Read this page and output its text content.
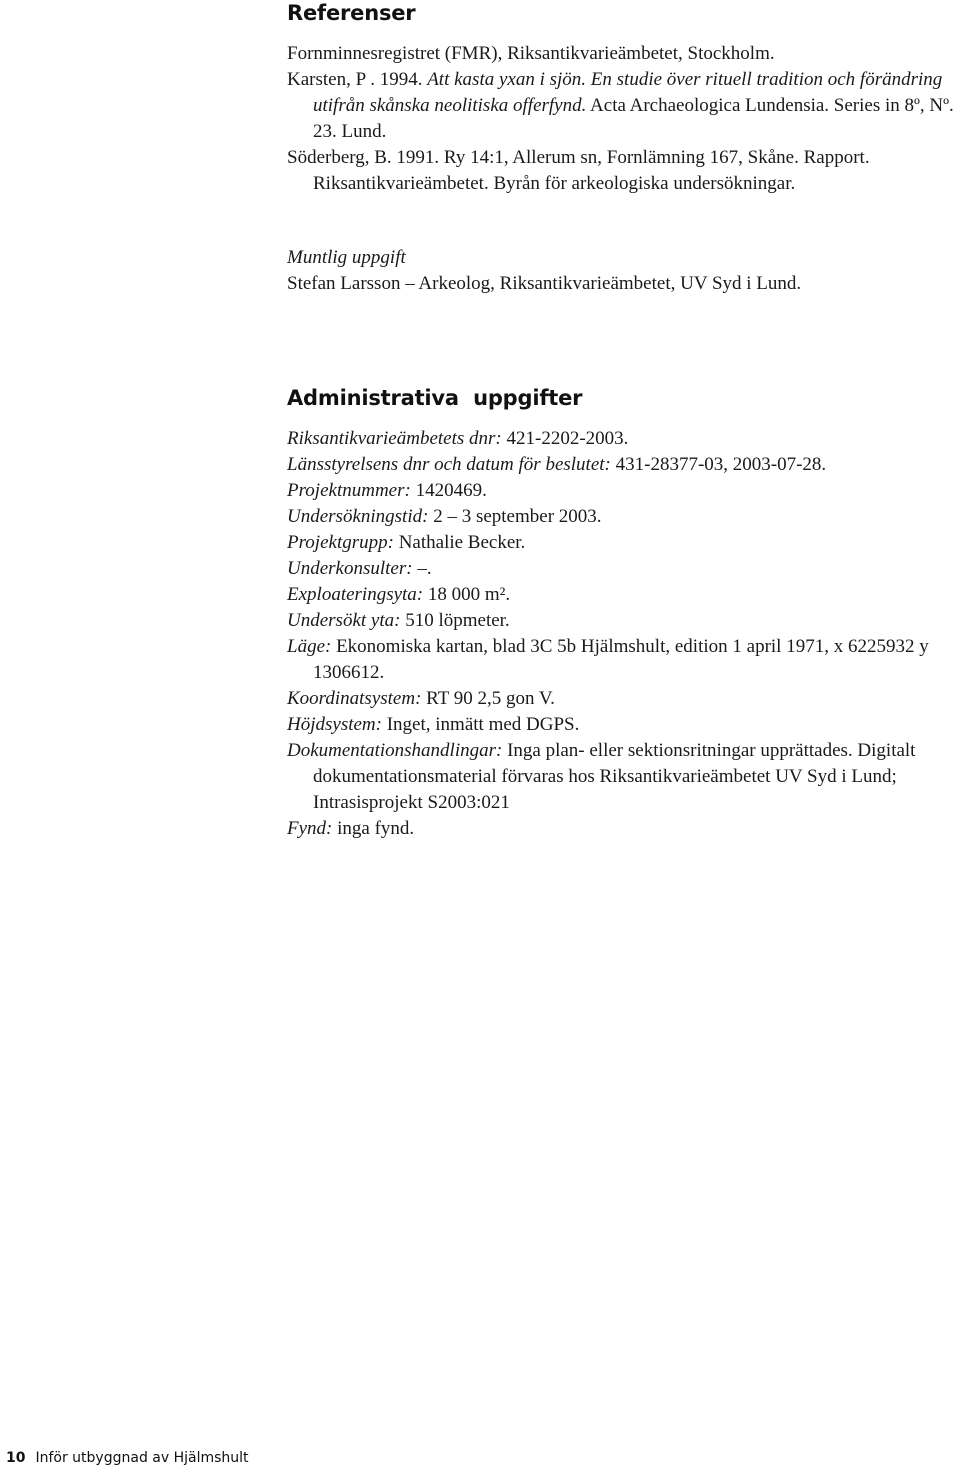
Referenser

Fornminnesregistret (FMR), Riksantikvarieämbetet, Stockholm.

Karsten, P . 1994. Att kasta yxan i sjön. En studie över rituell tradition och förändring utifrån skånska neolitiska offerfynd. Acta Archaeologica Lundensia. Series in 8º, Nº. 23. Lund.

Söderberg, B. 1991. Ry 14:1, Allerum sn, Fornlämning 167, Skåne. Rapport. Riksantikvarieämbetet. Byrån för arkeologiska undersökningar.

Muntlig uppgift
Stefan Larsson – Arkeolog, Riksantikvarieämbetet, UV Syd i Lund.
Administrativa  uppgifter

Riksantikvarieämbetets dnr: 421-2202-2003.

Länsstyrelsens dnr och datum för beslutet: 431-28377-03, 2003-07-28.

Projektnummer: 1420469.

Undersökningstid: 2 – 3 september 2003.

Projektgrupp: Nathalie Becker.

Underkonsulter: –.

Exploateringsyta: 18 000 m².

Undersökt yta: 510 löpmeter.

Läge: Ekonomiska kartan, blad 3C 5b Hjälmshult, edition 1 april 1971, x 6225932 y 1306612.

Koordinatsystem: RT 90 2,5 gon V.

Höjdsystem: Inget, inmätt med DGPS.

Dokumentationshandlingar: Inga plan- eller sektionsritningar upprättades. Digitalt dokumentationsmaterial förvaras hos Riksantikvarieämbetet UV Syd i Lund; Intrasisprojekt S2003:021

Fynd: inga fynd.

10 Inför utbyggnad av Hjälmshult
